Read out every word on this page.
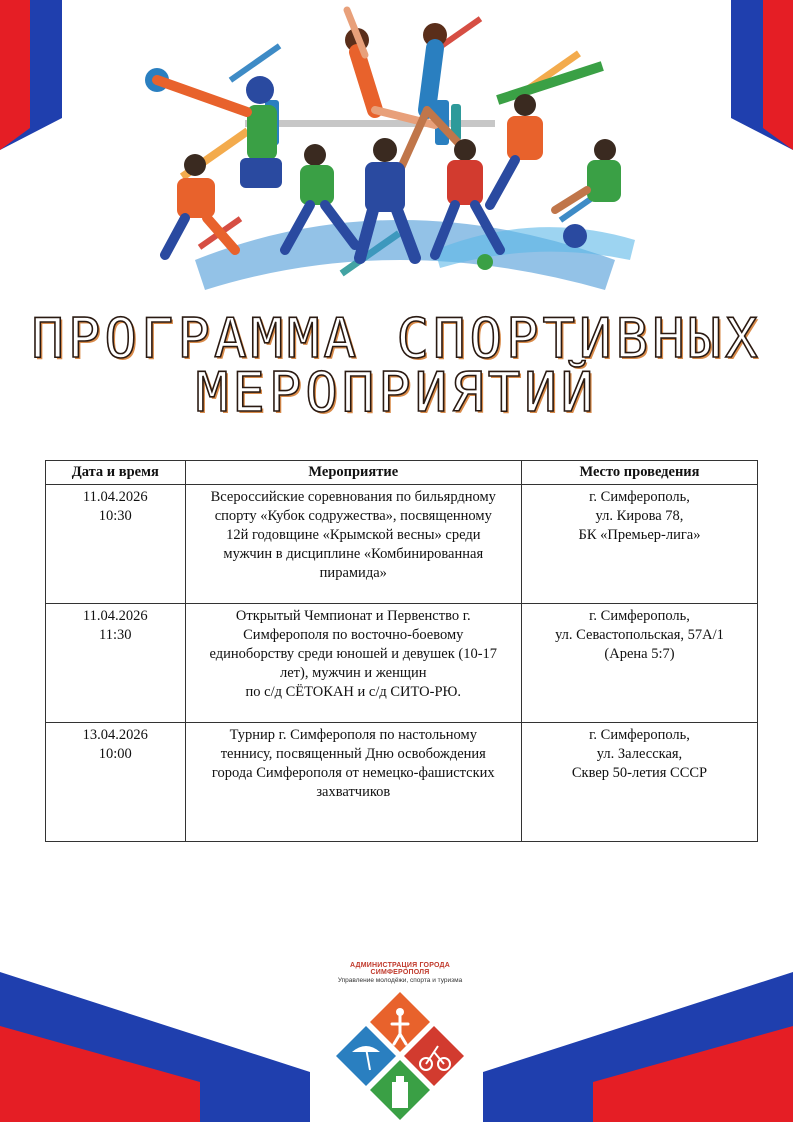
ПРОГРАММА СПОРТИВНЫХ
МЕРОПРИЯТИЙ
Дата и время	Мероприятие	Место проведения

11.04.2026
10:30	Всероссийские соревнования по бильярдному
спорту «Кубок содружества», посвященному
12й годовщине «Крымской весны» среди
мужчин в дисциплине «Комбинированная
пирамида»	г. Симферополь,
ул. Кирова 78,
БК «Премьер-лига»

11.04.2026
11:30	Открытый Чемпионат и Первенство г.
Симферополя по восточно-боевому
единоборству среди юношей и девушек (10-17
лет), мужчин и женщин
по с/д СЁТОКАН и с/д СИТО-РЮ.	г. Симферополь,
ул. Севастопольская, 57А/1
(Арена 5:7)

13.04.2026
10:00	Турнир г. Симферополя по настольному
теннису, посвященный Дню освобождения
города Симферополя от немецко-фашистских
захватчиков	г. Симферополь,
ул. Залесская,
Сквер 50-летия СССР
АДМИНИСТРАЦИЯ ГОРОДА СИМФЕРОПОЛЯ
Управление молодёжи, спорта и туризма
